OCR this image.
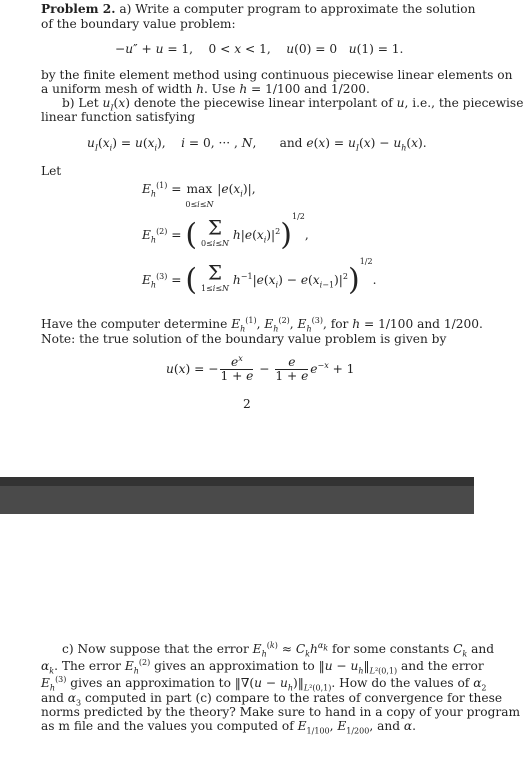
Problem 2. a) Write a computer program to approximate the solution
of the boundary value problem:
−u″ + u = 1,    0 < x < 1,    u(0) = 0   u(1) = 1.
by the finite element method using continuous piecewise linear elements on
a uniform mesh of width h. Use h = 1/100 and 1/200.
b) Let $u_I(x)$ denote the piecewise linear interpolant of u, i.e., the piecewise
linear function satisfying
$u_I(x_i) = u(x_i)$,    i = 0, ··· , N,      and $e(x) = u_I(x) - u_h(x)$.
Let
$E_h^{(1)} = \max$
0≤i≤N $|e(x_i)|$,
$E_h^{(2)}$ = ( Σ
0≤i≤N $h|e(x_i)|^2)^{1/2}$,
$E_h^{(3)}$ = ( Σ
1≤i≤N $h^{-1}|e(x_i) - e(x_{i-1})|^2)^{1/2}$.
Have the computer determine $E_h^{(1)}$, $E_h^{(2)}$, $E_h^{(3)}$, for h = 1/100 and 1/200.
Note: the true solution of the boundary value problem is given by
u(x) = − $\frac{e^x}{1 + e} - \frac{e}{1 + e} e^{-x} + 1$
2
c) Now suppose that the error $E_h^{(k)} \approx C_kh^{\alpha_k}$ for some constants $C_k$ and
$\alpha_k$. The error $E_h^{(2)}$ gives an approximation to ‖u − $u_h‖_{L^2(0,1)}$ and the error
$E_h^{(3)}$ gives an approximation to ‖∇(u − $u_h)‖_{L^2(0,1)}$. How do the values of $\alpha_2$
and $\alpha_3$ computed in part (c) compare to the rates of convergence for these
norms predicted by the theory? Make sure to hand in a copy of your program
as m file and the values you computed of $E_{1/100}$, $E_{1/200}$, and α.
